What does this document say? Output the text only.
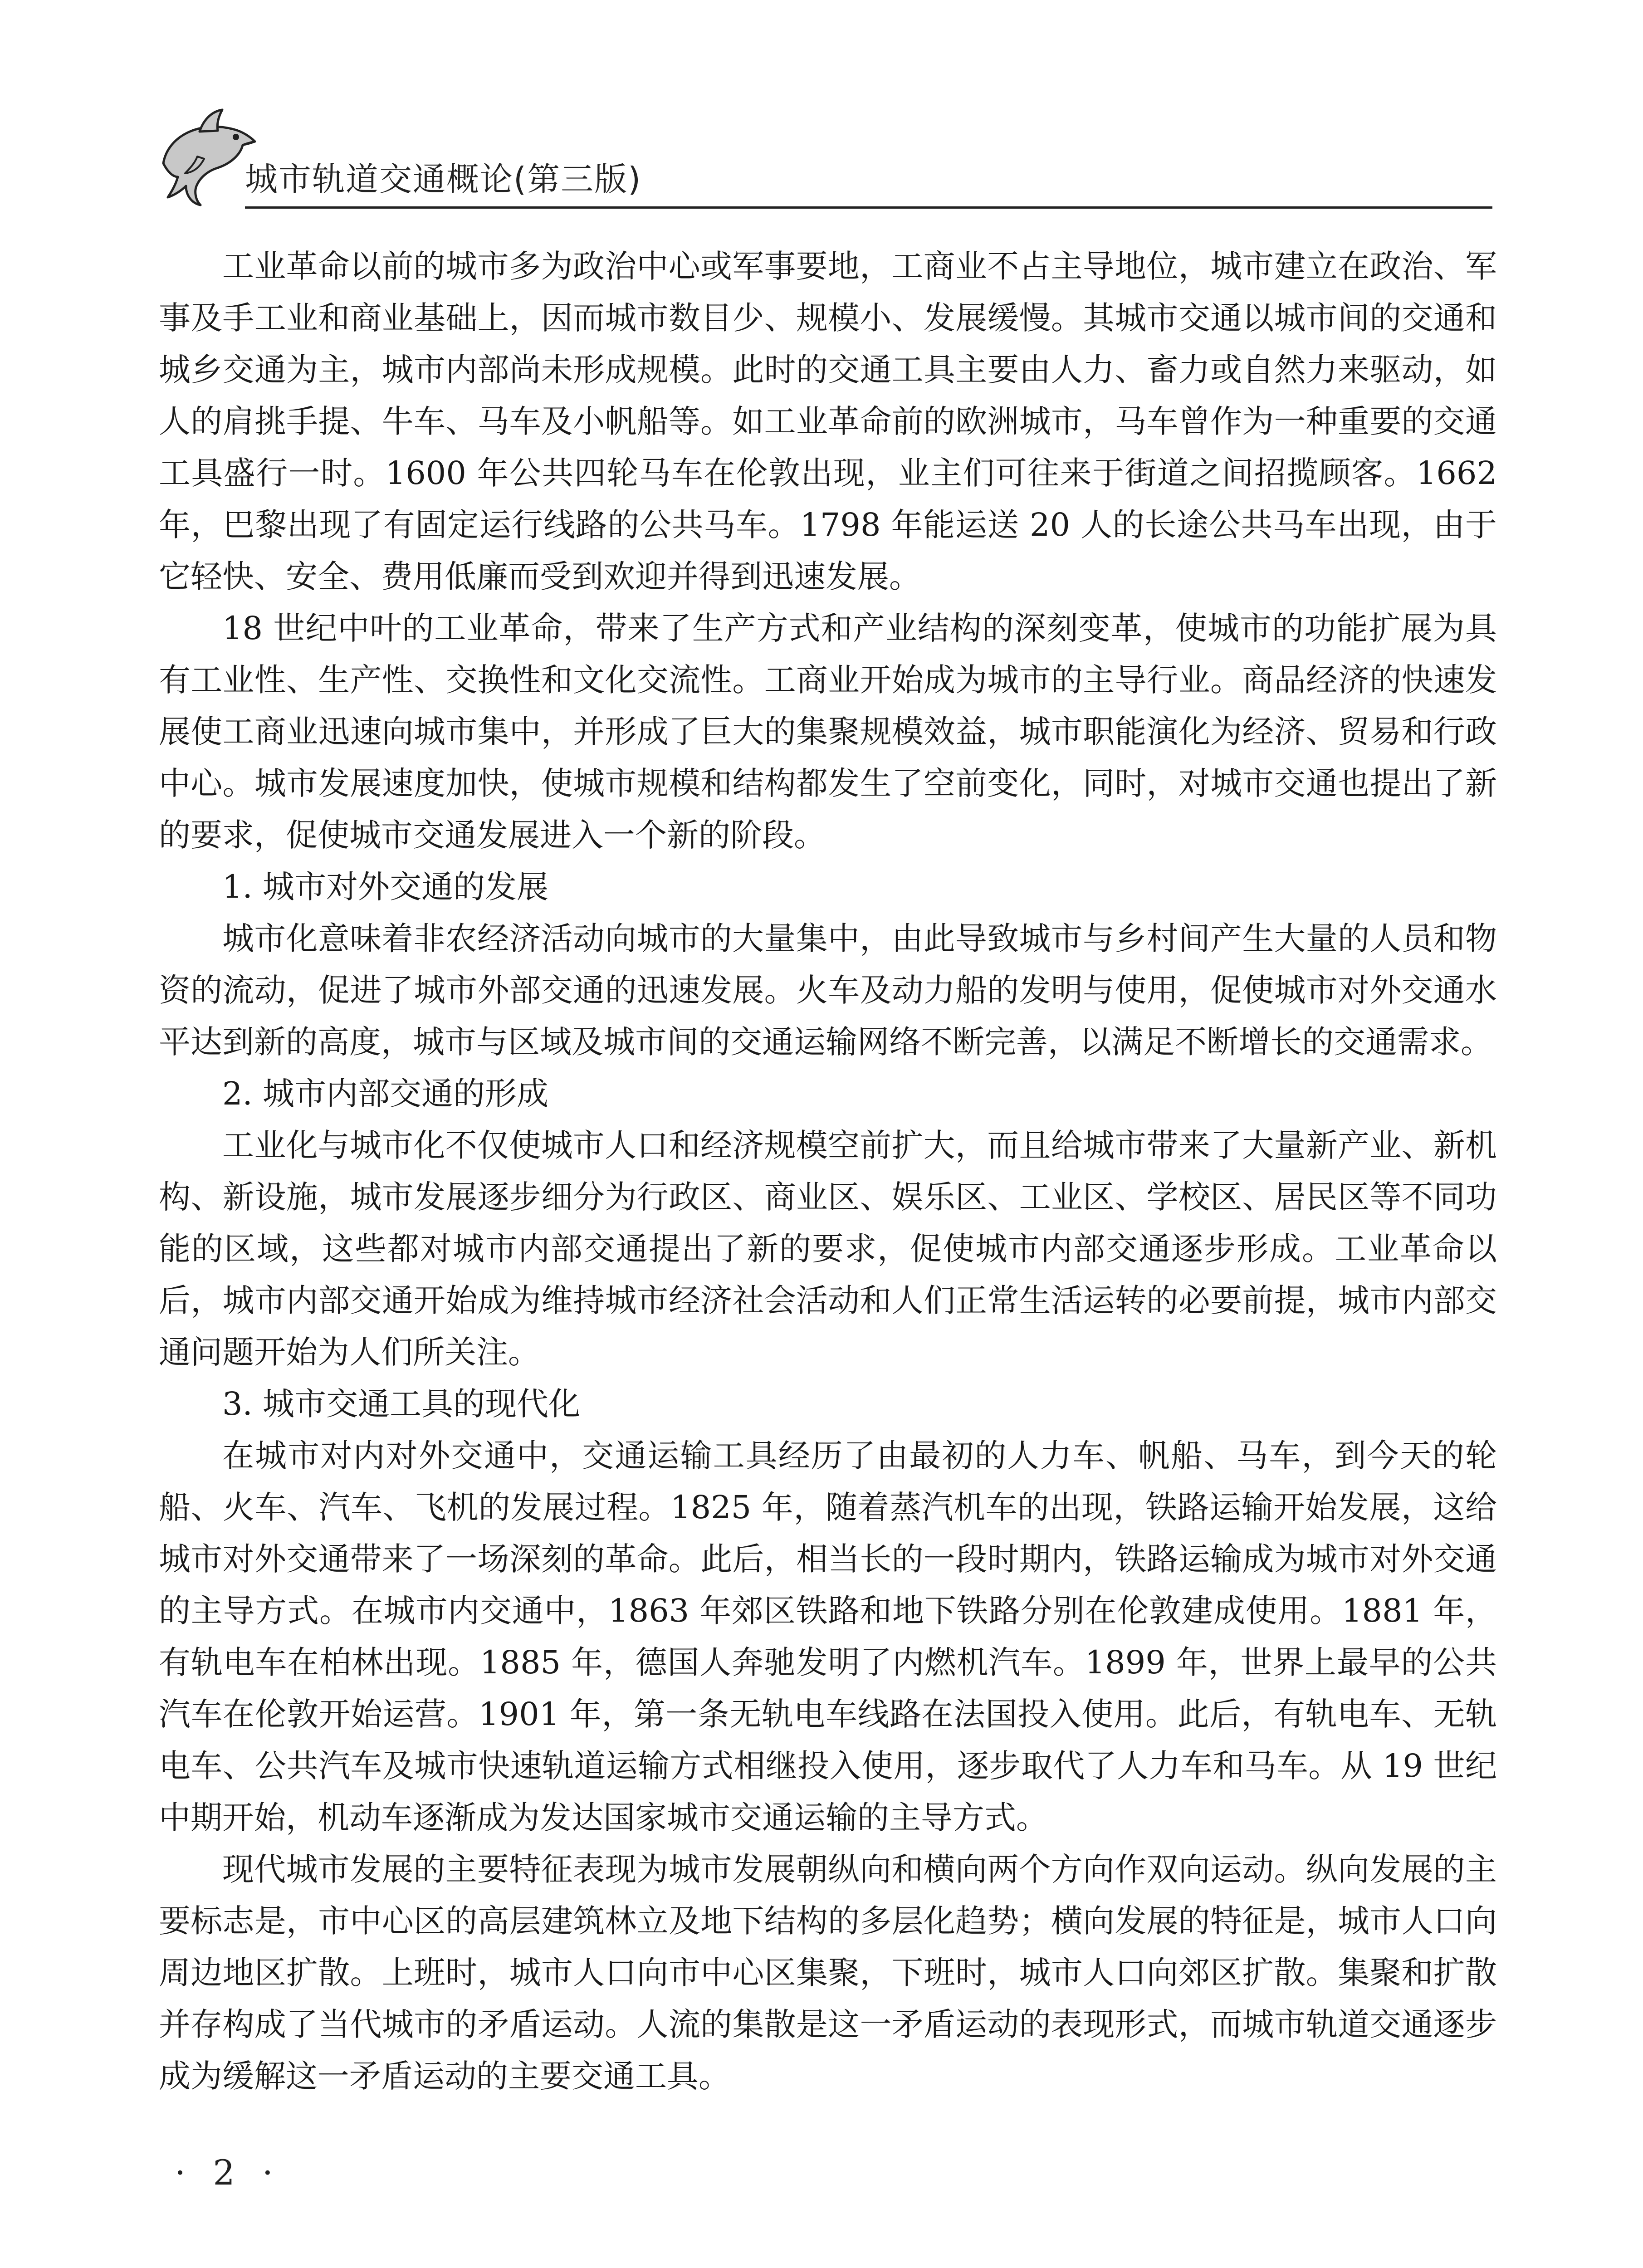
城市轨道交通概论(第三版)

工业革命以前的城市多为政治中心或军事要地，工商业不占主导地位，城市建立在政治、军事及手工业和商业基础上，因而城市数目少、规模小、发展缓慢。其城市交通以城市间的交通和城乡交通为主，城市内部尚未形成规模。此时的交通工具主要由人力、畜力或自然力来驱动，如人的肩挑手提、牛车、马车及小帆船等。如工业革命前的欧洲城市，马车曾作为一种重要的交通工具盛行一时。1600 年公共四轮马车在伦敦出现，业主们可往来于街道之间招揽顾客。1662 年，巴黎出现了有固定运行线路的公共马车。1798 年能运送 20 人的长途公共马车出现，由于它轻快、安全、费用低廉而受到欢迎并得到迅速发展。

18 世纪中叶的工业革命，带来了生产方式和产业结构的深刻变革，使城市的功能扩展为具有工业性、生产性、交换性和文化交流性。工商业开始成为城市的主导行业。商品经济的快速发展使工商业迅速向城市集中，并形成了巨大的集聚规模效益，城市职能演化为经济、贸易和行政中心。城市发展速度加快，使城市规模和结构都发生了空前变化，同时，对城市交通也提出了新的要求，促使城市交通发展进入一个新的阶段。

1. 城市对外交通的发展

城市化意味着非农经济活动向城市的大量集中，由此导致城市与乡村间产生大量的人员和物资的流动，促进了城市外部交通的迅速发展。火车及动力船的发明与使用，促使城市对外交通水平达到新的高度，城市与区域及城市间的交通运输网络不断完善，以满足不断增长的交通需求。

2. 城市内部交通的形成

工业化与城市化不仅使城市人口和经济规模空前扩大，而且给城市带来了大量新产业、新机构、新设施，城市发展逐步细分为行政区、商业区、娱乐区、工业区、学校区、居民区等不同功能的区域，这些都对城市内部交通提出了新的要求，促使城市内部交通逐步形成。工业革命以后，城市内部交通开始成为维持城市经济社会活动和人们正常生活运转的必要前提，城市内部交通问题开始为人们所关注。

3. 城市交通工具的现代化

在城市对内对外交通中，交通运输工具经历了由最初的人力车、帆船、马车，到今天的轮船、火车、汽车、飞机的发展过程。1825 年，随着蒸汽机车的出现，铁路运输开始发展，这给城市对外交通带来了一场深刻的革命。此后，相当长的一段时期内，铁路运输成为城市对外交通的主导方式。在城市内交通中，1863 年郊区铁路和地下铁路分别在伦敦建成使用。1881 年，有轨电车在柏林出现。1885 年，德国人奔驰发明了内燃机汽车。1899 年，世界上最早的公共汽车在伦敦开始运营。1901 年，第一条无轨电车线路在法国投入使用。此后，有轨电车、无轨电车、公共汽车及城市快速轨道运输方式相继投入使用，逐步取代了人力车和马车。从 19 世纪中期开始，机动车逐渐成为发达国家城市交通运输的主导方式。

现代城市发展的主要特征表现为城市发展朝纵向和横向两个方向作双向运动。纵向发展的主要标志是，市中心区的高层建筑林立及地下结构的多层化趋势；横向发展的特征是，城市人口向周边地区扩散。上班时，城市人口向市中心区集聚，下班时，城市人口向郊区扩散。集聚和扩散并存构成了当代城市的矛盾运动。人流的集散是这一矛盾运动的表现形式，而城市轨道交通逐步成为缓解这一矛盾运动的主要交通工具。

· 2 ·
